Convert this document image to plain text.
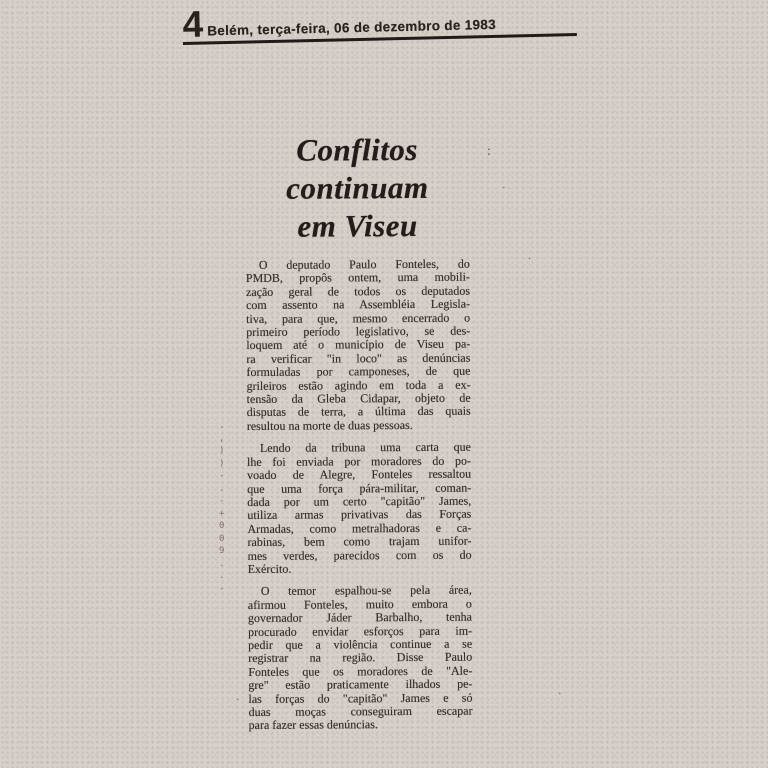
4 Belém, terça-feira, 06 de dezembro de 1983
Conflitos
continuam
em Viseu
O deputado Paulo Fonteles, do
PMDB, propôs ontem, uma mobili-
zação geral de todos os deputados
com assento na Assembléia Legisla-
tiva, para que, mesmo encerrado o
primeiro período legislativo, se des-
loquem até o município de Viseu pa-
ra verificar "in loco" as denúncias
formuladas por camponeses, de que
grileiros estão agindo em toda a ex-
tensão da Gleba Cidapar, objeto de
disputas de terra, a última das quais
resultou na morte de duas pessoas.
Lendo da tribuna uma carta que
lhe foi enviada por moradores do po-
voado de Alegre, Fonteles ressaltou
que uma força pára-militar, coman-
dada por um certo "capitão" James,
utiliza armas privativas das Forças
Armadas, como metralhadoras e ca-
rabinas, bem como trajam unifor-
mes verdes, parecidos com os do
Exército.
O temor espalhou-se pela área,
afirmou Fonteles, muito embora o
governador Jáder Barbalho, tenha
procurado envidar esforços para im-
pedir que a violência continue a se
registrar na região. Disse Paulo
Fonteles que os moradores de "Ale-
gre" estão praticamente ilhados pe-
las forças do "capitão" James e só
duas moças conseguiram escapar
para fazer essas denúncias.
.
,
)
)
-
.
-
+
0
0
9
.
.
-
:
·
.
·	·
